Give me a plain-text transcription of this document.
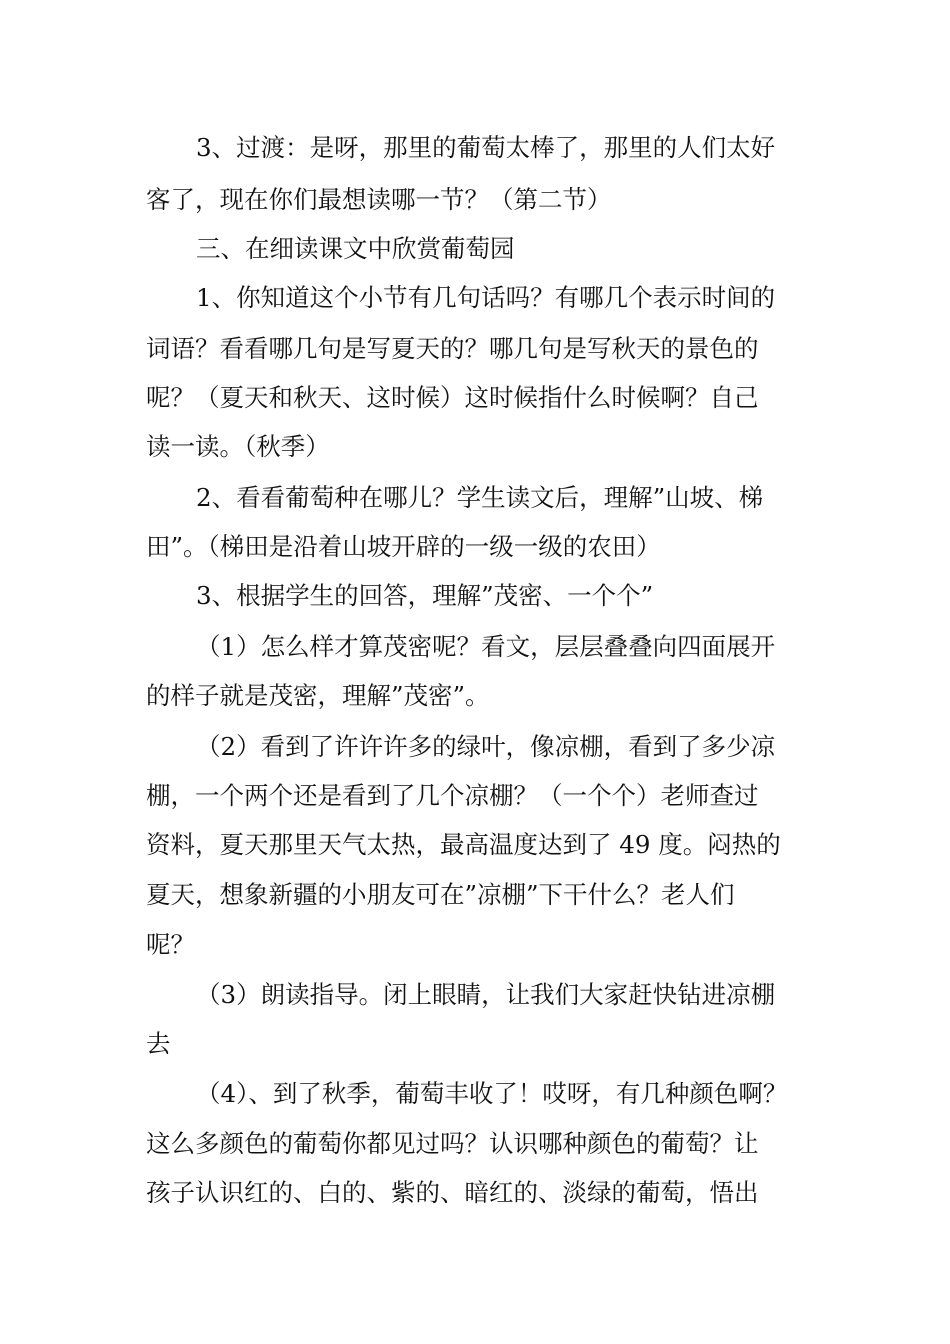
3、过渡：是呀，那里的葡萄太棒了，那里的人们太好
客了，现在你们最想读哪一节？（第二节）
三、在细读课文中欣赏葡萄园
1、你知道这个小节有几句话吗？有哪几个表示时间的
词语？看看哪几句是写夏天的？哪几句是写秋天的景色的
呢？（夏天和秋天、这时候）这时候指什么时候啊？自己
读一读。（秋季）
2、看看葡萄种在哪儿？学生读文后，理解”山坡、梯
田”。（梯田是沿着山坡开辟的一级一级的农田）
3、根据学生的回答，理解”茂密、一个个”
（1）怎么样才算茂密呢？看文，层层叠叠向四面展开
的样子就是茂密，理解”茂密”。
（2）看到了许许许多的绿叶，像凉棚，看到了多少凉
棚，一个两个还是看到了几个凉棚？（一个个）老师查过
资料，夏天那里天气太热，最高温度达到了 49 度。闷热的
夏天，想象新疆的小朋友可在”凉棚”下干什么？老人们
呢？
（3）朗读指导。闭上眼睛，让我们大家赶快钻进凉棚
去
（4）、到了秋季，葡萄丰收了！哎呀，有几种颜色啊？
这么多颜色的葡萄你都见过吗？认识哪种颜色的葡萄？让
孩子认识红的、白的、紫的、暗红的、淡绿的葡萄，悟出
